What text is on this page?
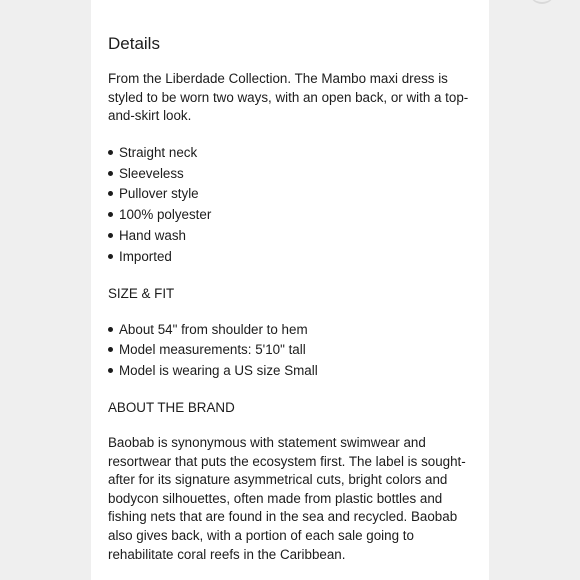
Details

From the Liberdade Collection. The Mambo maxi dress is styled to be worn two ways, with an open back, or with a top-and-skirt look.

Straight neck
Sleeveless
Pullover style
100% polyester
Hand wash
Imported
SIZE & FIT
About 54" from shoulder to hem
Model measurements: 5'10" tall
Model is wearing a US size Small
ABOUT THE BRAND

Baobab is synonymous with statement swimwear and resortwear that puts the ecosystem first. The label is sought-after for its signature asymmetrical cuts, bright colors and bodycon silhouettes, often made from plastic bottles and fishing nets that are found in the sea and recycled. Baobab also gives back, with a portion of each sale going to rehabilitate coral reefs in the Caribbean.
